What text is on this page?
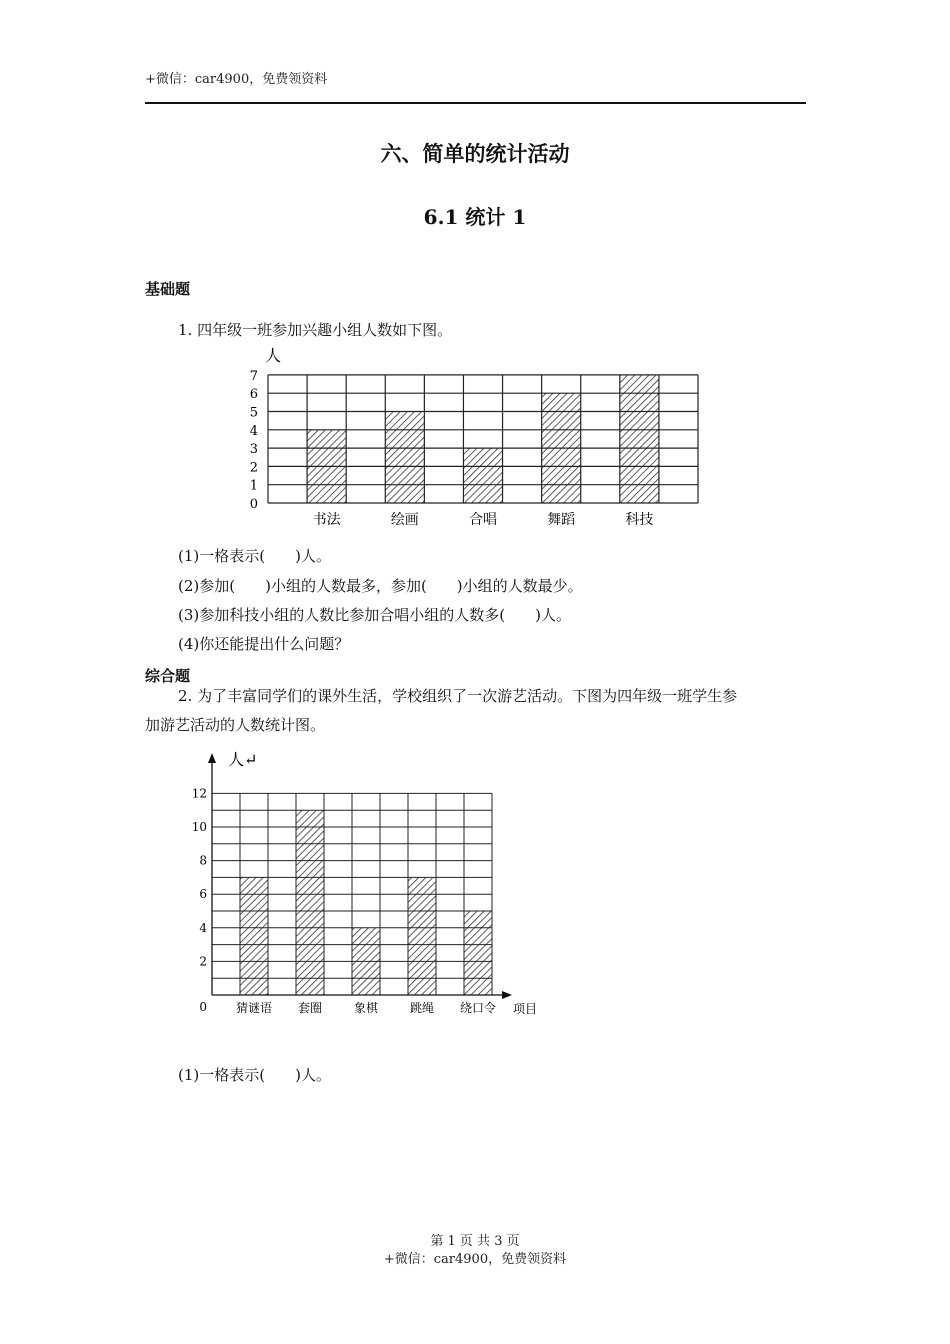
+微信：car4900，免费领资料
六、简单的统计活动
6.1 统计 1
基础题
1. 四年级一班参加兴趣小组人数如下图。
0
1
2
3
4
5
6
7
书法	绘画	合唱	舞蹈	科技
人
(1)一格表示(　　)人。
(2)参加(　　)小组的人数最多，参加(　　)小组的人数最少。
(3)参加科技小组的人数比参加合唱小组的人数多(　　)人。
(4)你还能提出什么问题？
综合题
2. 为了丰富同学们的课外生活，学校组织了一次游艺活动。下图为四年级一班学生参
加游艺活动的人数统计图。
0
2
4
6
8
10
12
猜谜语 套圈	象棋	跳绳 绕口令
人↵
项目
(1)一格表示(　　)人。
第 1 页 共 3 页
+微信：car4900，免费领资料
